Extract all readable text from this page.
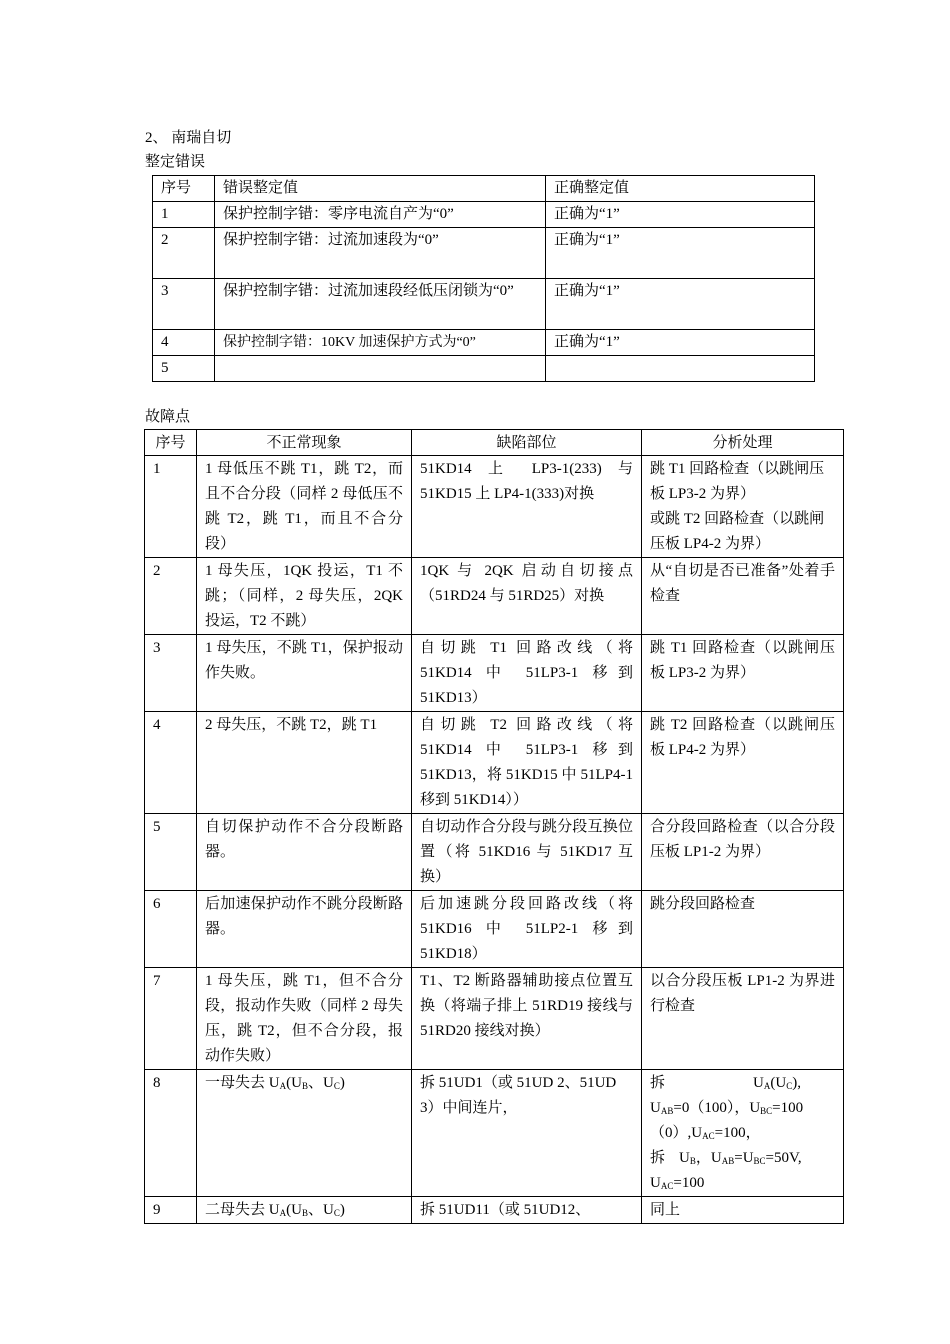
2、 南瑞自切
整定错误
序号	错误整定值	正确整定值
1	保护控制字错：零序电流自产为“0”	正确为“1”
2	保护控制字错：过流加速段为“0”	正确为“1”
3	保护控制字错：过流加速段经低压闭锁为“0”	正确为“1”
4	保护控制字错：10KV 加速保护方式为“0”	正确为“1”
5		
故障点
序号	不正常现象	缺陷部位	分析处理
1	1 母低压不跳 T1，跳 T2，而且不合分段（同样 2 母低压不跳 T2，跳 T1，而且不合分段）	51KD14 上 LP3-1(233) 与 51KD15 上 LP4-1(333)对换	跳 T1 回路检查（以跳闸压板 LP3-2 为界）
或跳 T2 回路检查（以跳闸压板 LP4-2 为界）

2	1 母失压，1QK 投运，T1 不跳；（同样，2 母失压，2QK 投运，T2 不跳）	1QK 与 2QK 启动自切接点（51RD24 与 51RD25）对换	从“自切是否已准备”处着手检查
3	1 母失压，不跳 T1，保护报动作失败。	自切跳 T1 回路改线（将 51KD14 中 51LP3-1 移到 51KD13）	跳 T1 回路检查（以跳闸压板 LP3-2 为界）
4	2 母失压，不跳 T2，跳 T1	自切跳 T2 回路改线（将 51KD14 中 51LP3-1 移到 51KD13，将 51KD15 中 51LP4-1 移到 51KD14））	跳 T2 回路检查（以跳闸压板 LP4-2 为界）
5	自切保护动作不合分段断路器。	自切动作合分段与跳分段互换位置（将 51KD16 与 51KD17 互换）	合分段回路检查（以合分段压板 LP1-2 为界）
6	后加速保护动作不跳分段断路器。	后加速跳分段回路改线（将 51KD16 中 51LP2-1 移到 51KD18）	跳分段回路检查
7	1 母失压，跳 T1，但不合分段，报动作失败（同样 2 母失压，跳 T2，但不合分段，报动作失败）	T1、T2 断路器辅助接点位置互换（将端子排上 51RD19 接线与 51RD20 接线对换）	以合分段压板 LP1-2 为界进行检查
8	一母失去 $U_A(U_B$、$U_C$)	拆 51UD1（或 51UD 2、51UD 3）中间连片，	拆 $U_A(U_C)$,
$U_{AB}=0(100)$，$U_{BC}=100$
$(0),U_{AC}=100$，
拆 $U_B$，$U_{AB}=U_{BC}=50V$,
$U_{AC}=100$

9	二母失去 $U_A(U_B$、$U_C$)	拆 51UD11（或 51UD12、	同上
